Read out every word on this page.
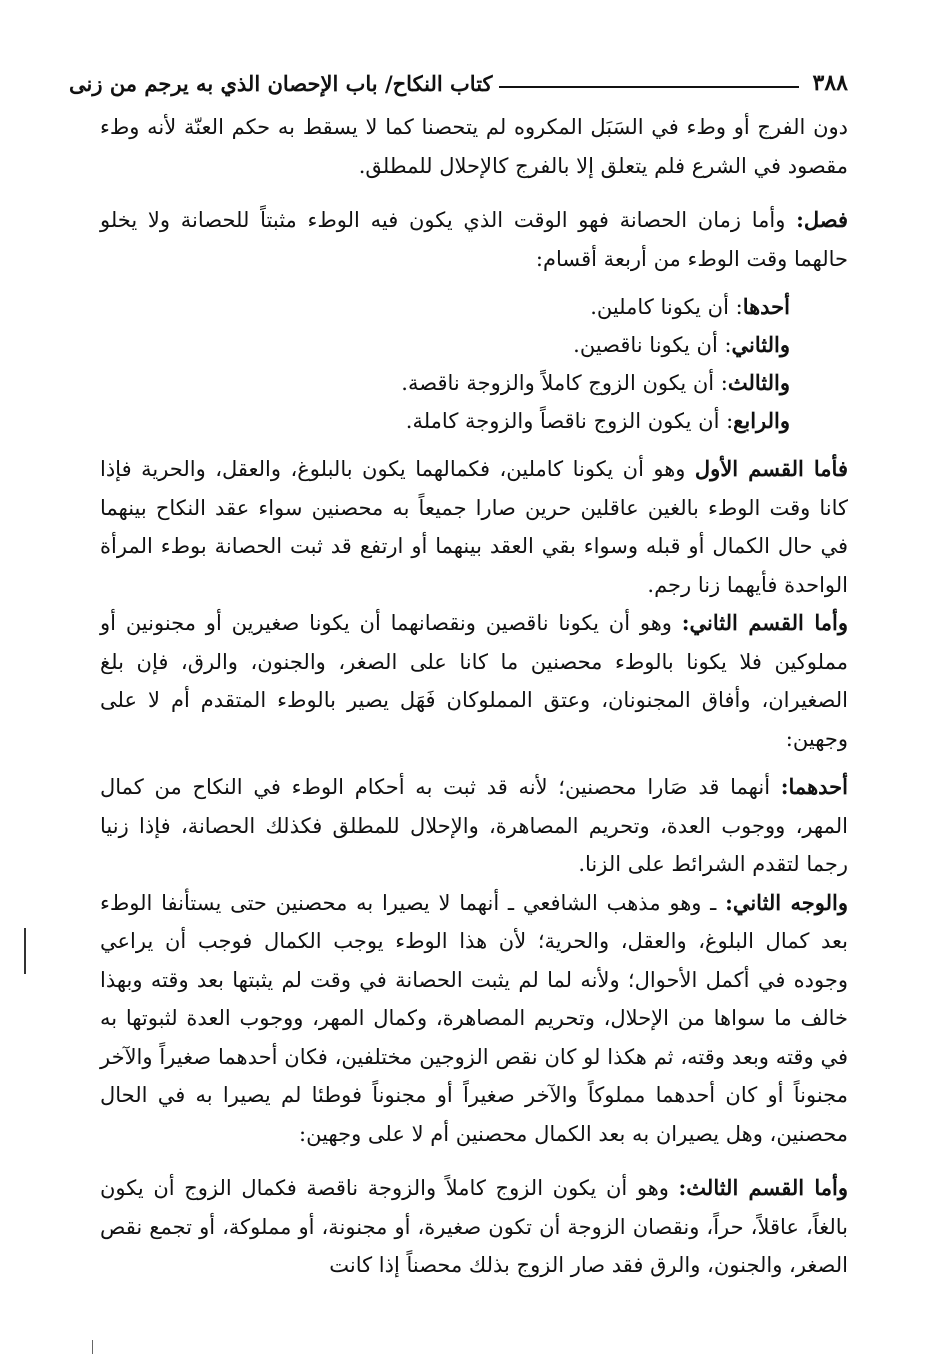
٣٨٨
كتاب النكاح/ باب الإحصان الذي به يرجم من زنى

دون الفرج أو وطء في السَبَل المكروه لم يتحصنا كما لا يسقط به حكم العنّة لأنه وطء مقصود في الشرع فلم يتعلق إلا بالفرج كالإحلال للمطلق.

فصل: وأما زمان الحصانة فهو الوقت الذي يكون فيه الوطء مثبتاً للحصانة ولا يخلو حالهما وقت الوطء من أربعة أقسام:

أحدها: أن يكونا كاملين.

والثاني: أن يكونا ناقصين.

والثالث: أن يكون الزوج كاملاً والزوجة ناقصة.

والرابع: أن يكون الزوج ناقصاً والزوجة كاملة.

فأما القسم الأول وهو أن يكونا كاملين، فكمالهما يكون بالبلوغ، والعقل، والحرية فإذا كانا وقت الوطء بالغين عاقلين حرين صارا جميعاً به محصنين سواء عقد النكاح بينهما في حال الكمال أو قبله وسواء بقي العقد بينهما أو ارتفع قد ثبت الحصانة بوطء المرأة الواحدة فأيهما زنا رجم.

وأما القسم الثاني: وهو أن يكونا ناقصين ونقصانهما أن يكونا صغيرين أو مجنونين أو مملوكين فلا يكونا بالوطء محصنين ما كانا على الصغر، والجنون، والرق، فإن بلغ الصغيران، وأفاق المجنونان، وعتق المملوكان فَهَل يصير بالوطء المتقدم أم لا على وجهين:

أحدهما: أنهما قد صَارا محصنين؛ لأنه قد ثبت به أحكام الوطء في النكاح من كمال المهر، ووجوب العدة، وتحريم المصاهرة، والإحلال للمطلق فكذلك الحصانة، فإذا زنيا رجما لتقدم الشرائط على الزنا.

والوجه الثاني: ـ وهو مذهب الشافعي ـ أنهما لا يصيرا به محصنين حتى يستأنفا الوطء بعد كمال البلوغ، والعقل، والحرية؛ لأن هذا الوطء يوجب الكمال فوجب أن يراعي وجوده في أكمل الأحوال؛ ولأنه لما لم يثبت الحصانة في وقت لم يثبتها بعد وقته وبهذا خالف ما سواها من الإحلال، وتحريم المصاهرة، وكمال المهر، ووجوب العدة لثبوتها به في وقته وبعد وقته، ثم هكذا لو كان نقص الزوجين مختلفين، فكان أحدهما صغيراً والآخر مجنوناً أو كان أحدهما مملوكاً والآخر صغيراً أو مجنوناً فوطئا لم يصيرا به في الحال محصنين، وهل يصيران به بعد الكمال محصنين أم لا على وجهين:

وأما القسم الثالث: وهو أن يكون الزوج كاملاً والزوجة ناقصة فكمال الزوج أن يكون بالغاً، عاقلاً، حراً، ونقصان الزوجة أن تكون صغيرة، أو مجنونة، أو مملوكة، أو تجمع نقص الصغر، والجنون، والرق فقد صار الزوج بذلك محصناً إذا كانت
